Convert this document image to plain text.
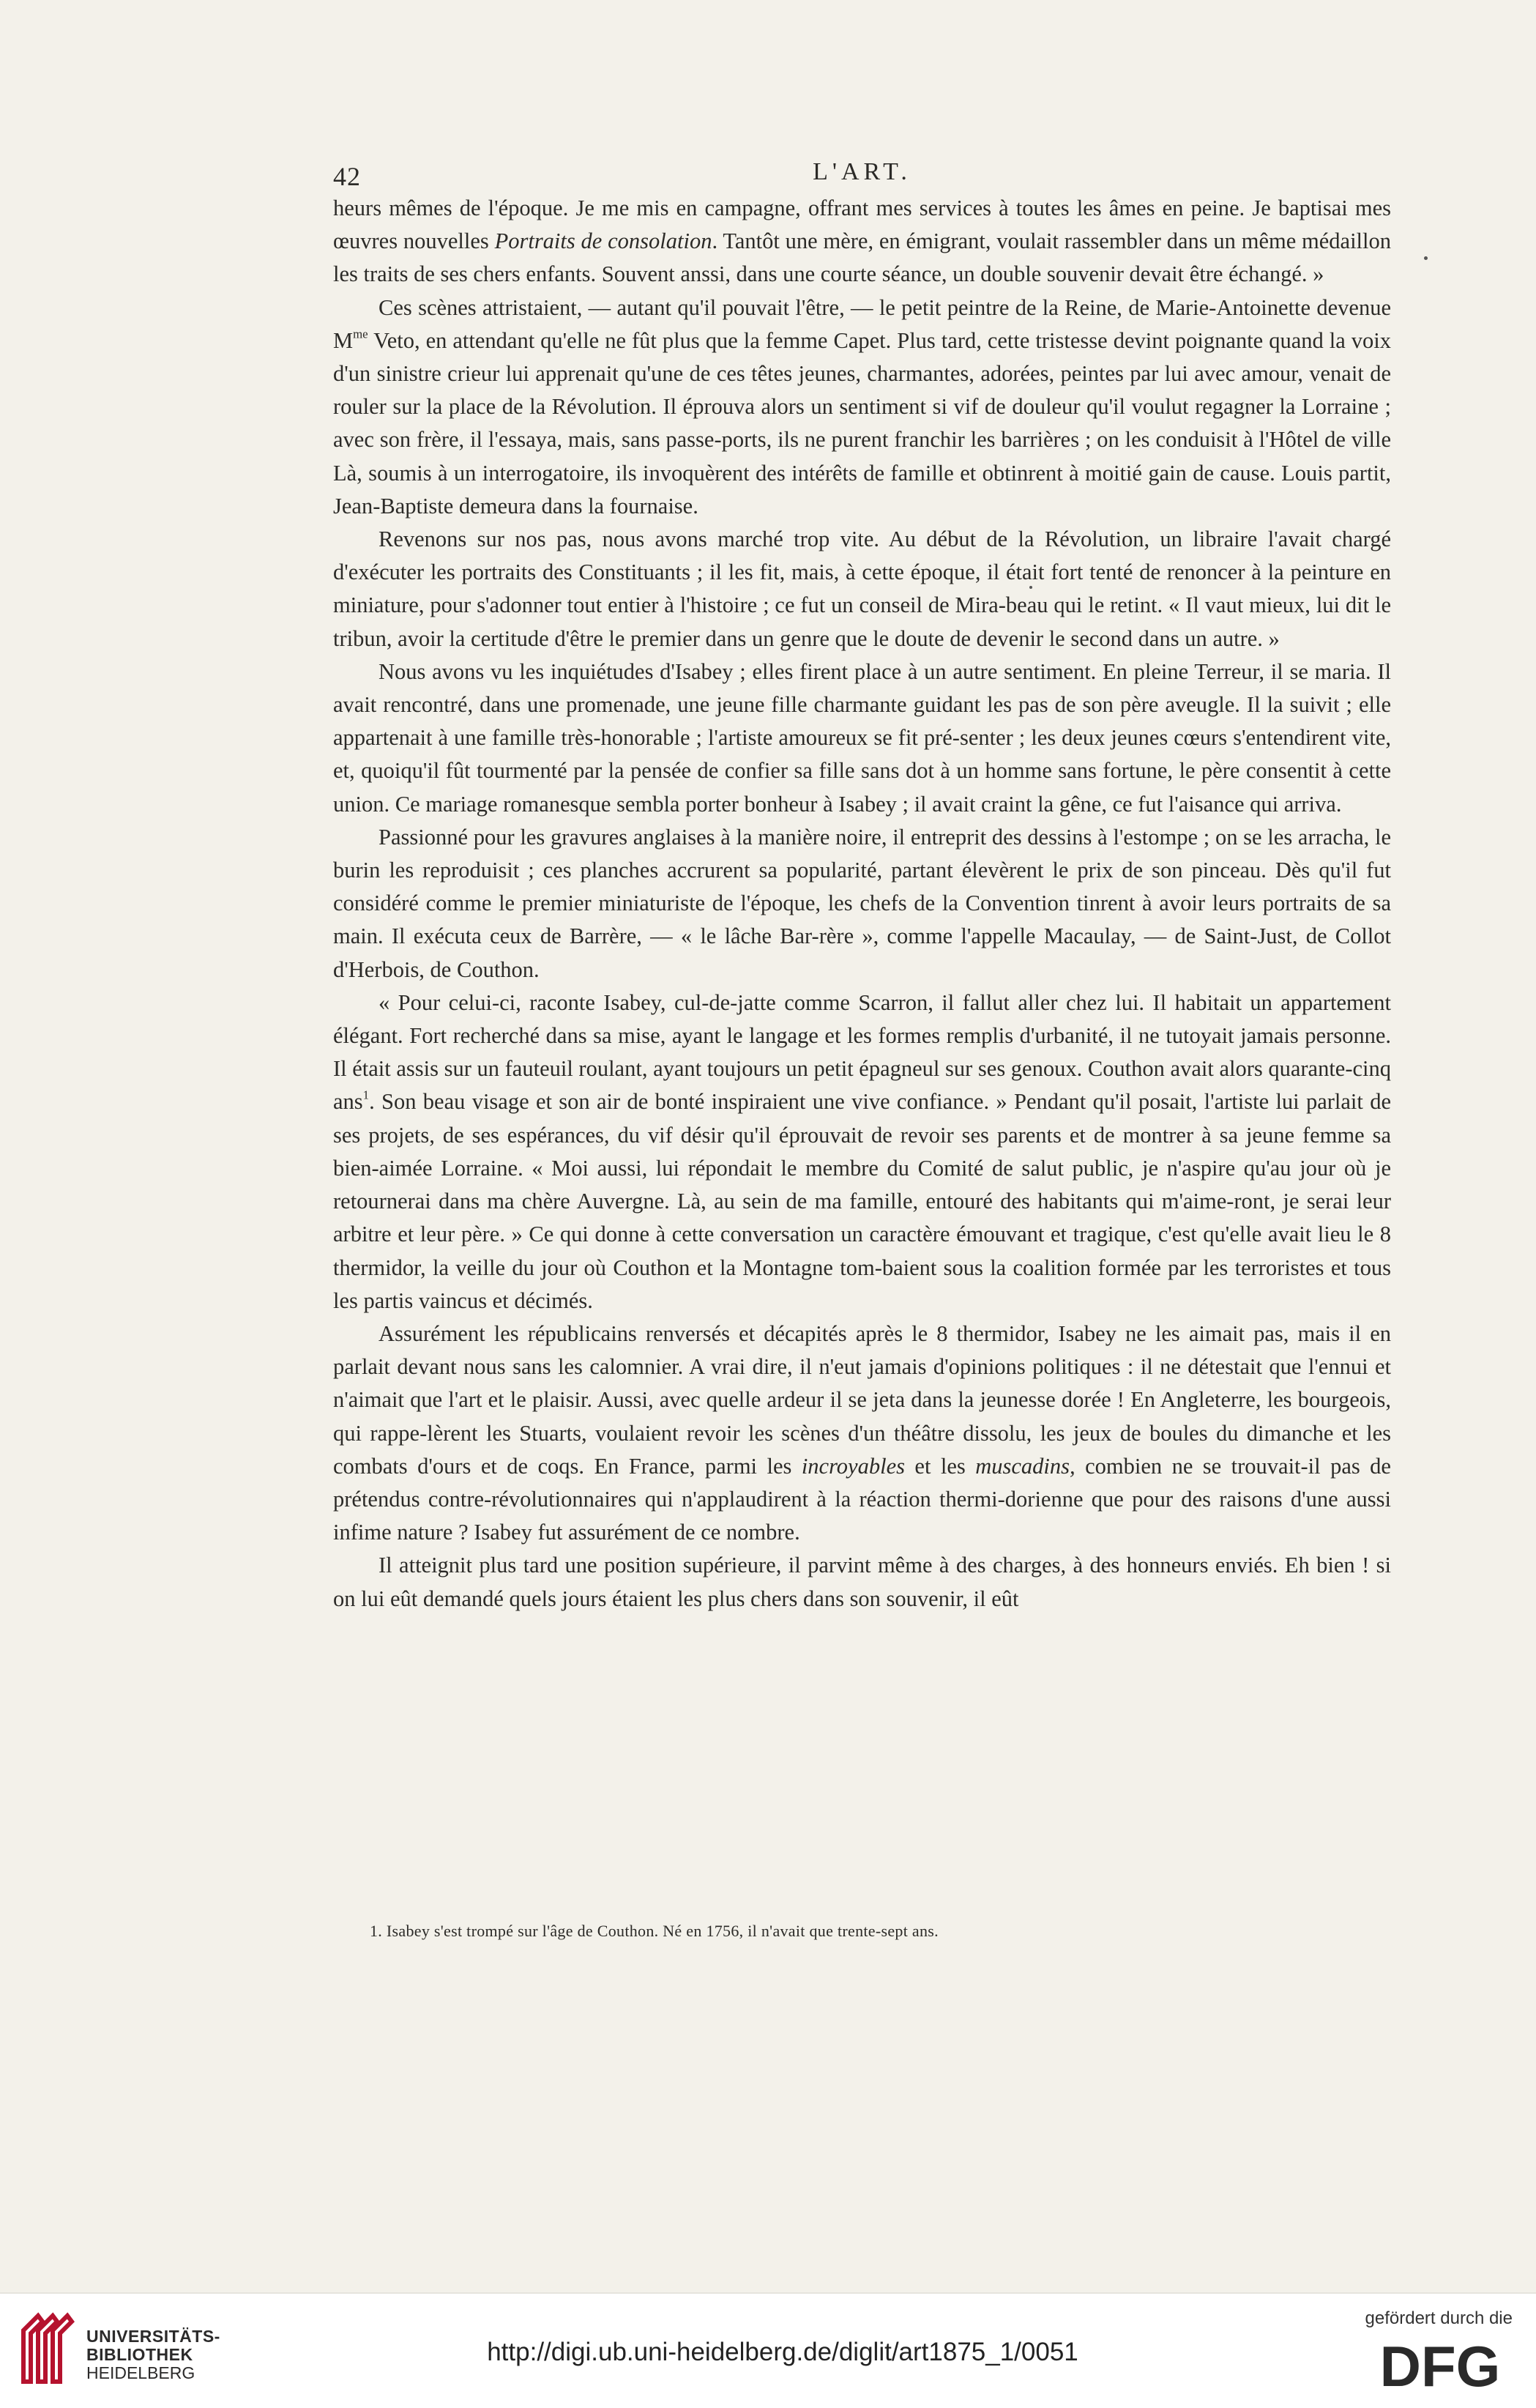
42	L'ART.

heurs mêmes de l'époque. Je me mis en campagne, offrant mes services à toutes les âmes en peine. Je baptisai mes œuvres nouvelles Portraits de consolation. Tantôt une mère, en émigrant, voulait rassembler dans un même médaillon les traits de ses chers enfants. Souvent anssi, dans une courte séance, un double souvenir devait être échangé. »

Ces scènes attristaient, — autant qu'il pouvait l'être, — le petit peintre de la Reine, de Marie-Antoinette devenue $M^{me}$ Veto, en attendant qu'elle ne fût plus que la femme Capet. Plus tard, cette tristesse devint poignante quand la voix d'un sinistre crieur lui apprenait qu'une de ces têtes jeunes, charmantes, adorées, peintes par lui avec amour, venait de rouler sur la place de la Révolution. Il éprouva alors un sentiment si vif de douleur qu'il voulut regagner la Lorraine ; avec son frère, il l'essaya, mais, sans passe-ports, ils ne purent franchir les barrières ; on les conduisit à l'Hôtel de ville Là, soumis à un interrogatoire, ils invoquèrent des intérêts de famille et obtinrent à moitié gain de cause. Louis partit, Jean-Baptiste demeura dans la fournaise.

Revenons sur nos pas, nous avons marché trop vite. Au début de la Révolution, un libraire l'avait chargé d'exécuter les portraits des Constituants ; il les fit, mais, à cette époque, il était fort tenté de renoncer à la peinture en miniature, pour s'adonner tout entier à l'histoire ; ce fut un conseil de Mira-beau qui le retint. « Il vaut mieux, lui dit le tribun, avoir la certitude d'être le premier dans un genre que le doute de devenir le second dans un autre. »

Nous avons vu les inquiétudes d'Isabey ; elles firent place à un autre sentiment. En pleine Terreur, il se maria. Il avait rencontré, dans une promenade, une jeune fille charmante guidant les pas de son père aveugle. Il la suivit ; elle appartenait à une famille très-honorable ; l'artiste amoureux se fit pré-senter ; les deux jeunes cœurs s'entendirent vite, et, quoiqu'il fût tourmenté par la pensée de confier sa fille sans dot à un homme sans fortune, le père consentit à cette union. Ce mariage romanesque sembla porter bonheur à Isabey ; il avait craint la gêne, ce fut l'aisance qui arriva.

Passionné pour les gravures anglaises à la manière noire, il entreprit des dessins à l'estompe ; on se les arracha, le burin les reproduisit ; ces planches accrurent sa popularité, partant élevèrent le prix de son pinceau. Dès qu'il fut considéré comme le premier miniaturiste de l'époque, les chefs de la Convention tinrent à avoir leurs portraits de sa main. Il exécuta ceux de Barrère, — « le lâche Bar-rère », comme l'appelle Macaulay, — de Saint-Just, de Collot d'Herbois, de Couthon.

« Pour celui-ci, raconte Isabey, cul-de-jatte comme Scarron, il fallut aller chez lui. Il habitait un appartement élégant. Fort recherché dans sa mise, ayant le langage et les formes remplis d'urbanité, il ne tutoyait jamais personne. Il était assis sur un fauteuil roulant, ayant toujours un petit épagneul sur ses genoux. Couthon avait alors quarante-cinq ans$^1$. Son beau visage et son air de bonté inspiraient une vive confiance. » Pendant qu'il posait, l'artiste lui parlait de ses projets, de ses espérances, du vif désir qu'il éprouvait de revoir ses parents et de montrer à sa jeune femme sa bien-aimée Lorraine. « Moi aussi, lui répondait le membre du Comité de salut public, je n'aspire qu'au jour où je retournerai dans ma chère Auvergne. Là, au sein de ma famille, entouré des habitants qui m'aime-ront, je serai leur arbitre et leur père. » Ce qui donne à cette conversation un caractère émouvant et tragique, c'est qu'elle avait lieu le 8 thermidor, la veille du jour où Couthon et la Montagne tom-baient sous la coalition formée par les terroristes et tous les partis vaincus et décimés.

Assurément les républicains renversés et décapités après le 8 thermidor, Isabey ne les aimait pas, mais il en parlait devant nous sans les calomnier. A vrai dire, il n'eut jamais d'opinions politiques : il ne détestait que l'ennui et n'aimait que l'art et le plaisir. Aussi, avec quelle ardeur il se jeta dans la jeunesse dorée ! En Angleterre, les bourgeois, qui rappe-lèrent les Stuarts, voulaient revoir les scènes d'un théâtre dissolu, les jeux de boules du dimanche et les combats d'ours et de coqs. En France, parmi les incroyables et les muscadins, combien ne se trouvait-il pas de prétendus contre-révolutionnaires qui n'applaudirent à la réaction thermi-dorienne que pour des raisons d'une aussi infime nature ? Isabey fut assurément de ce nombre.

Il atteignit plus tard une position supérieure, il parvint même à des charges, à des honneurs enviés. Eh bien ! si on lui eût demandé quels jours étaient les plus chers dans son souvenir, il eût

1. Isabey s'est trompé sur l'âge de Couthon. Né en 1756, il n'avait que trente-sept ans.
UNIVERSITÄTS-
BIBLIOTHEK
HEIDELBERG
http://digi.ub.uni-heidelberg.de/diglit/art1875_1/0051
gefördert durch die
DFG
